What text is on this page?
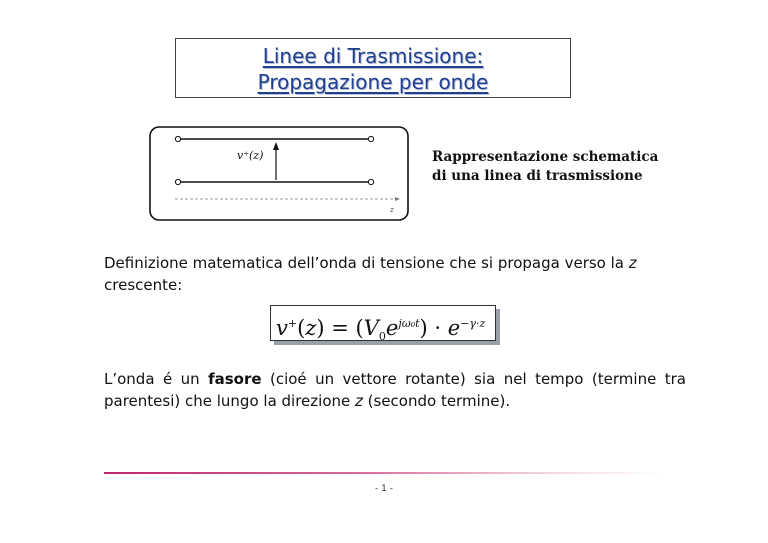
Linee di Trasmissione:
Propagazione per onde
v⁺(z)
z
Rappresentazione schematica
di una linea di trasmissione
Definizione matematica dell’onda di tensione che si propaga verso la z crescente:
$v^+(z) = (V_0e^{j\omega_0t}) \cdot e^{-\gamma\cdot z}$
L’onda é un fasore (cioé un vettore rotante) sia nel tempo (termine tra parentesi) che lungo la direzione z (secondo termine).
- 1 -
